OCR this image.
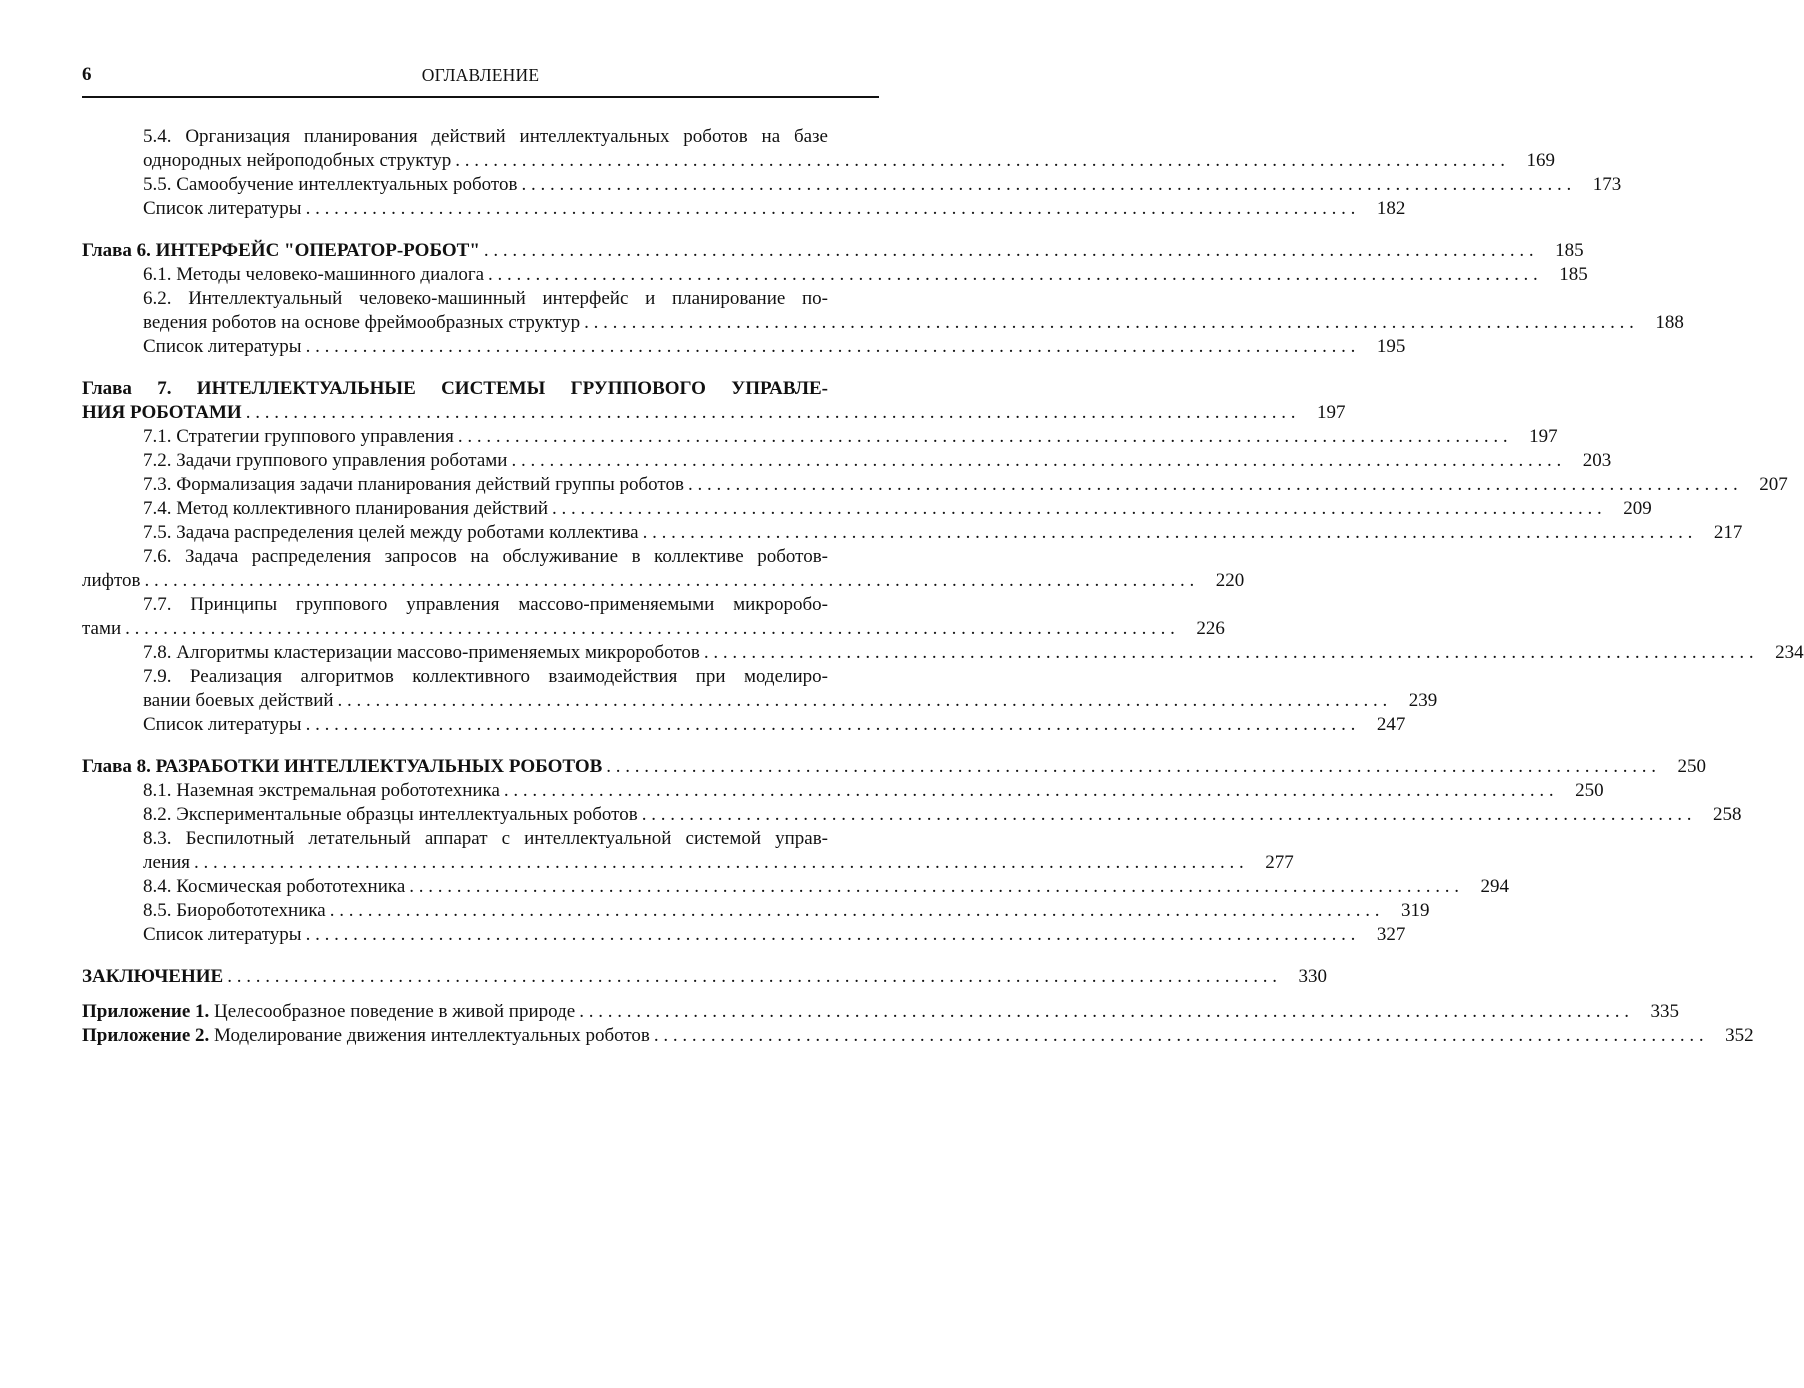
6	ОГЛАВЛЕНИЕ
5.4. Организация планирования действий интеллектуальных роботов на базе
однородных нейроподобных структур . . .	169
5.5. Самообучение интеллектуальных роботов . . .	173
Список литературы . . .	182
Глава 6. ИНТЕРФЕЙС "ОПЕРАТОР-РОБОТ" . . .	185
6.1. Методы человеко-машинного диалога . . .	185
6.2. Интеллектуальный человеко-машинный интерфейс и планирование по-
ведения роботов на основе фреймообразных структур . . .	188
Список литературы . . .	195
Глава 7. ИНТЕЛЛЕКТУАЛЬНЫЕ СИСТЕМЫ ГРУППОВОГО УПРАВЛЕ-
НИЯ РОБОТАМИ . . .	197
7.1. Стратегии группового управления . . .	197
7.2. Задачи группового управления роботами . . .	203
7.3. Формализация задачи планирования действий группы роботов . . .	207
7.4. Метод коллективного планирования действий . . .	209
7.5. Задача распределения целей между роботами коллектива . . .	217
7.6. Задача распределения запросов на обслуживание в коллективе роботов-
лифтов . . .	220
7.7. Принципы группового управления массово-применяемыми микроробо-
тами . . .	226
7.8. Алгоритмы кластеризации массово-применяемых микророботов . . .	234
7.9. Реализация алгоритмов коллективного взаимодействия при моделиро-
вании боевых действий . . .	239
Список литературы . . .	247
Глава 8. РАЗРАБОТКИ ИНТЕЛЛЕКТУАЛЬНЫХ РОБОТОВ . . .	250
8.1. Наземная экстремальная робототехника . . .	250
8.2. Экспериментальные образцы интеллектуальных роботов . . .	258
8.3. Беспилотный летательный аппарат с интеллектуальной системой управ-
ления . . .	277
8.4. Космическая робототехника . . .	294
8.5. Биоробототехника . . .	319
Список литературы . . .	327
ЗАКЛЮЧЕНИЕ . . .	330
Приложение 1. Целесообразное поведение в живой природе . . .	335
Приложение 2. Моделирование движения интеллектуальных роботов . . .	352
